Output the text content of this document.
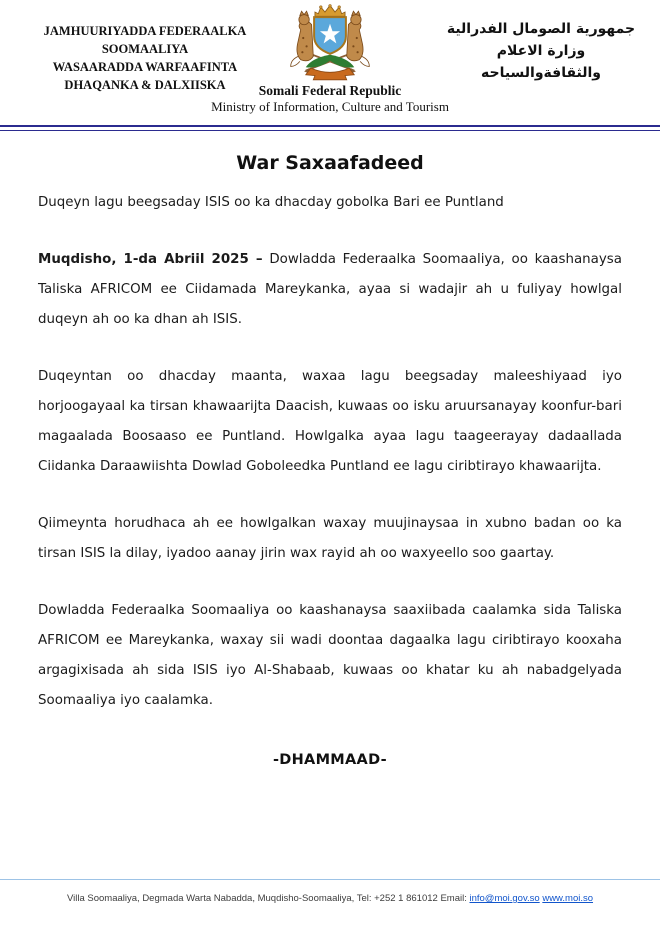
JAMHUURIYADDA FEDERAALKA
SOOMAALIYA
WASAARADDA WARFAAFINTA
DHAQANKA & DALXIISKA
جمهورية الصومال الفدرالية
وزارة الاعلام
والثقافةوالسياحه
Somali Federal Republic
Ministry of Information, Culture and Tourism
War Saxaafadeed

Duqeyn lagu beegsaday ISIS oo ka dhacday gobolka Bari ee Puntland

Muqdisho, 1-da Abriil 2025 – Dowladda Federaalka Soomaaliya, oo kaashanaysa Taliska AFRICOM ee Ciidamada Mareykanka, ayaa si wadajir ah u fuliyay howlgal duqeyn ah oo ka dhan ah ISIS.

Duqeyntan oo dhacday maanta, waxaa lagu beegsaday maleeshiyaad iyo horjoogayaal ka tirsan khawaarijta Daacish, kuwaas oo isku aruursanayay koonfur-bari magaalada Boosaaso ee Puntland. Howlgalka ayaa lagu taageerayay dadaallada Ciidanka Daraawiishta Dowlad Goboleedka Puntland ee lagu ciribtirayo khawaarijta.

Qiimeynta horudhaca ah ee howlgalkan waxay muujinaysaa in xubno badan oo ka tirsan ISIS la dilay, iyadoo aanay jirin wax rayid ah oo waxyeello soo gaartay.

Dowladda Federaalka Soomaaliya oo kaashanaysa saaxiibada caalamka sida Taliska AFRICOM ee Mareykanka, waxay sii wadi doontaa dagaalka lagu ciribtirayo kooxaha argagixisada ah sida ISIS iyo Al-Shabaab, kuwaas oo khatar ku ah nabadgelyada Soomaaliya iyo caalamka.

-DHAMMAAD-

Villa Soomaaliya, Degmada Warta Nabadda, Muqdisho-Soomaaliya, Tel: +252 1 861012 Email: info@moi.gov.so www.moi.so
